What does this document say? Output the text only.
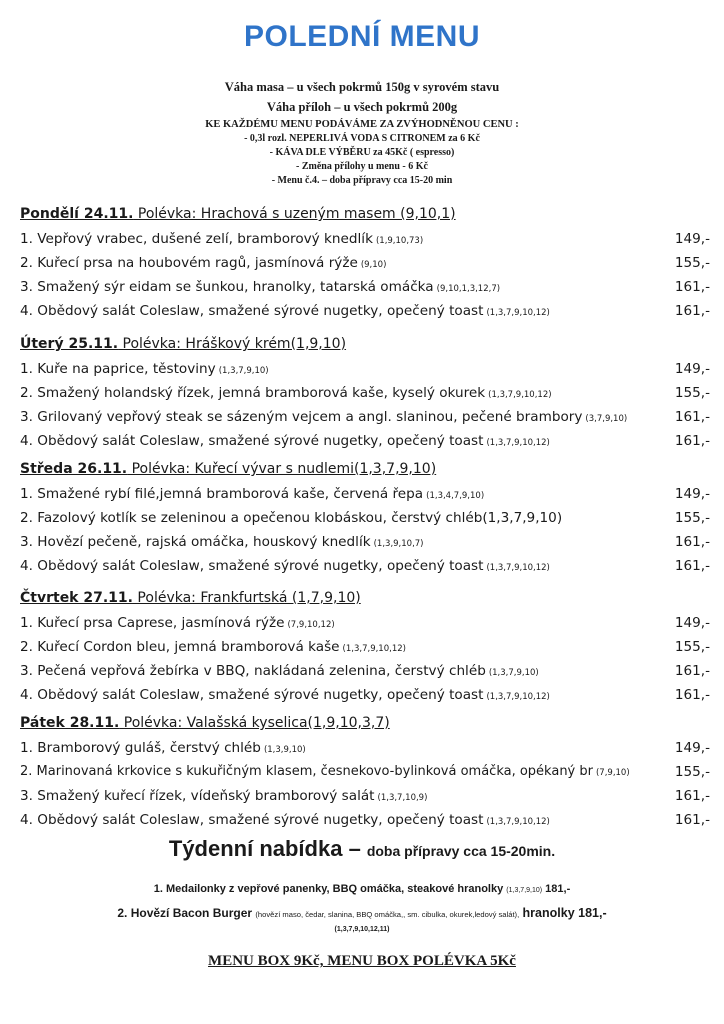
POLEDNÍ MENU
Váha masa – u všech pokrmů 150g v syrovém stavu
Váha příloh – u všech pokrmů 200g
KE KAŽDÉMU MENU PODÁVÁME ZA ZVÝHODNĚNOU CENU :
- 0,3l rozl. NEPERLIVÁ VODA S CITRONEM za 6 Kč
- KÁVA DLE VÝBĚRU za 45Kč ( espresso)
- Změna přílohy u menu - 6 Kč
- Menu č.4. – doba přípravy cca 15-20 min
Pondělí 24.11. Polévka: Hrachová s uzeným masem (9,10,1)
1. Vepřový vrabec, dušené zelí, bramborový knedlík (1,9,10,73)	149,-
2. Kuřecí prsa na houbovém ragů, jasmínová rýže (9,10)	155,-
3. Smažený sýr eidam se šunkou, hranolky, tatarská omáčka (9,10,1,3,12,7)	161,-
4. Obědový salát Coleslaw, smažené sýrové nugetky, opečený toast (1,3,7,9,10,12)	161,-
Úterý 25.11. Polévka: Hráškový krém(1,9,10)
1. Kuře na paprice, těstoviny (1,3,7,9,10)	149,-
2. Smažený holandský řízek, jemná bramborová kaše, kyselý okurek (1,3,7,9,10,12)	155,-
3. Grilovaný vepřový steak se sázeným vejcem a angl. slaninou, pečené brambory (3,7,9,10)	161,-
4. Obědový salát Coleslaw, smažené sýrové nugetky, opečený toast (1,3,7,9,10,12)	161,-
Středa 26.11. Polévka: Kuřecí vývar s nudlemi(1,3,7,9,10)
1. Smažené rybí filé,jemná bramborová kaše, červená řepa (1,3,4,7,9,10)	149,-
2. Fazolový kotlík se zeleninou a opečenou klobáskou, čerstvý chléb(1,3,7,9,10)	155,-
3. Hovězí pečeně, rajská omáčka, houskový knedlík (1,3,9,10,7)	161,-
4. Obědový salát Coleslaw, smažené sýrové nugetky, opečený toast (1,3,7,9,10,12)	161,-
Čtvrtek 27.11. Polévka: Frankfurtská (1,7,9,10)
1. Kuřecí prsa Caprese, jasmínová rýže (7,9,10,12)	149,-
2. Kuřecí Cordon bleu, jemná bramborová kaše (1,3,7,9,10,12)	155,-
3. Pečená vepřová žebírka v BBQ, nakládaná zelenina, čerstvý chléb (1,3,7,9,10)	161,-
4. Obědový salát Coleslaw, smažené sýrové nugetky, opečený toast (1,3,7,9,10,12)	161,-
Pátek 28.11. Polévka: Valašská kyselica(1,9,10,3,7)
1. Bramborový guláš, čerstvý chléb (1,3,9,10)	149,-
2. Marinovaná krkovice s kukuřičným klasem, česnekovo-bylinková omáčka, opékaný br (7,9,10)	155,-
3. Smažený kuřecí řízek, vídeňský bramborový salát (1,3,7,10,9)	161,-
4. Obědový salát Coleslaw, smažené sýrové nugetky, opečený toast (1,3,7,9,10,12)	161,-
Týdenní nabídka – doba přípravy cca 15-20min.
1. Medailonky z vepřové panenky, BBQ omáčka, steakové hranolky (1,3,7,9,10) 181,-
2. Hovězí Bacon Burger (hovězí maso, čedar, slanina, BBQ omáčka,, sm. cibulka, okurek,ledový salát), hranolky 181,-
(1,3,7,9,10,12,11)
MENU BOX 9Kč, MENU BOX POLÉVKA 5Kč
